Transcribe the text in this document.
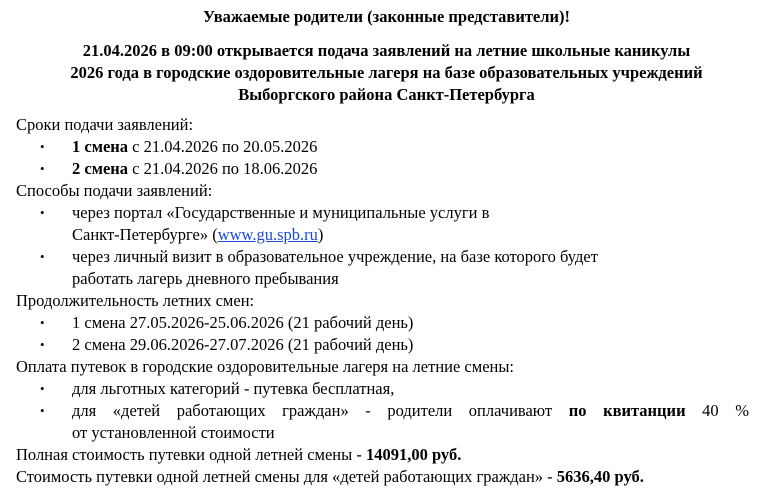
Уважаемые родители (законные представители)!

21.04.2026 в 09:00 открывается подача заявлений на летние школьные каникулы

2026 года в городские оздоровительные лагеря на базе образовательных учреждений

Выборгского района Санкт-Петербурга

Сроки подачи заявлений:

• 1 смена с 21.04.2026 по 20.05.2026
• 2 смена с 21.04.2026 по 18.06.2026

Способы подачи заявлений:

• через портал «Государственные и муниципальные услуги в
Санкт-Петербурге» (www.gu.spb.ru)
• через личный визит в образовательное учреждение, на базе которого будет
работать лагерь дневного пребывания

Продолжительность летних смен:

• 1 смена 27.05.2026-25.06.2026 (21 рабочий день)
• 2 смена 29.06.2026-27.07.2026 (21 рабочий день)

Оплата путевок в городские оздоровительные лагеря на летние смены:

• для льготных категорий - путевка бесплатная,
• для «детей работающих граждан» - родители оплачивают по квитанции 40 %
от установленной стоимости

Полная стоимость путевки одной летней смены - 14091,00 руб.

Стоимость путевки одной летней смены для «детей работающих граждан» - 5636,40 руб.
